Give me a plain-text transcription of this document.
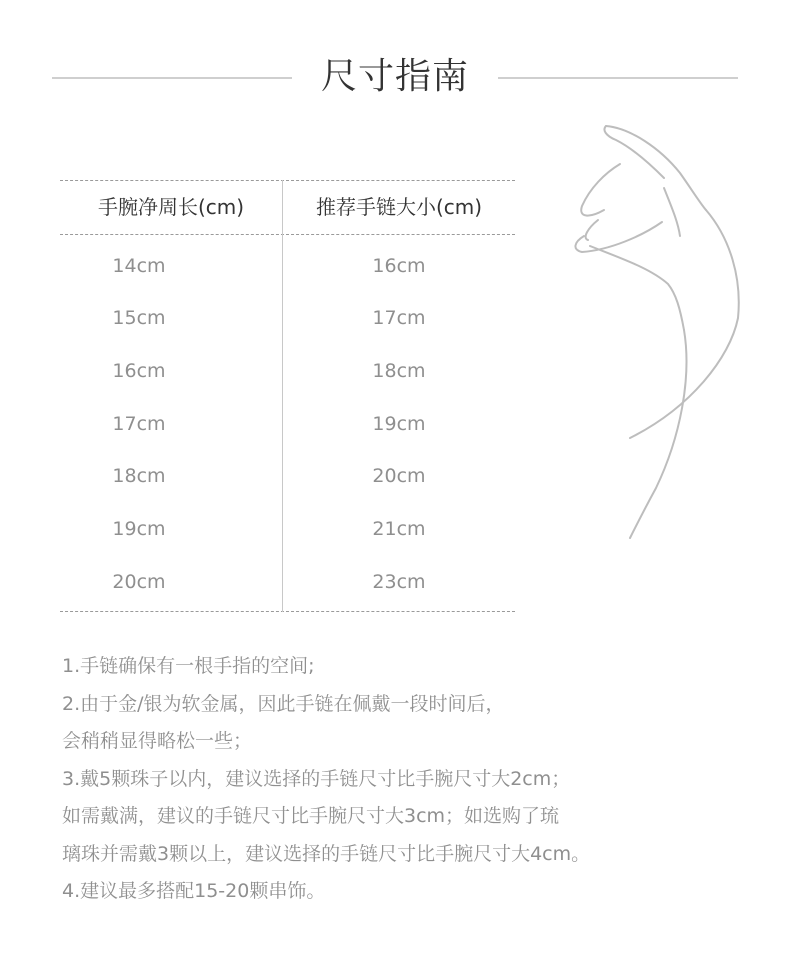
尺寸指南
手腕净周长(cm)	推荐手链大小(cm)
14cm	16cm
15cm	17cm
16cm	18cm
17cm	19cm
18cm	20cm
19cm	21cm
20cm	23cm
1.手链确保有一根手指的空间;
2.由于金/银为软金属，因此手链在佩戴一段时间后，
会稍稍显得略松一些；
3.戴5颗珠子以内，建议选择的手链尺寸比手腕尺寸大2cm；
如需戴满，建议的手链尺寸比手腕尺寸大3cm；如选购了琉
璃珠并需戴3颗以上，建议选择的手链尺寸比手腕尺寸大4cm。
4.建议最多搭配15-20颗串饰。
